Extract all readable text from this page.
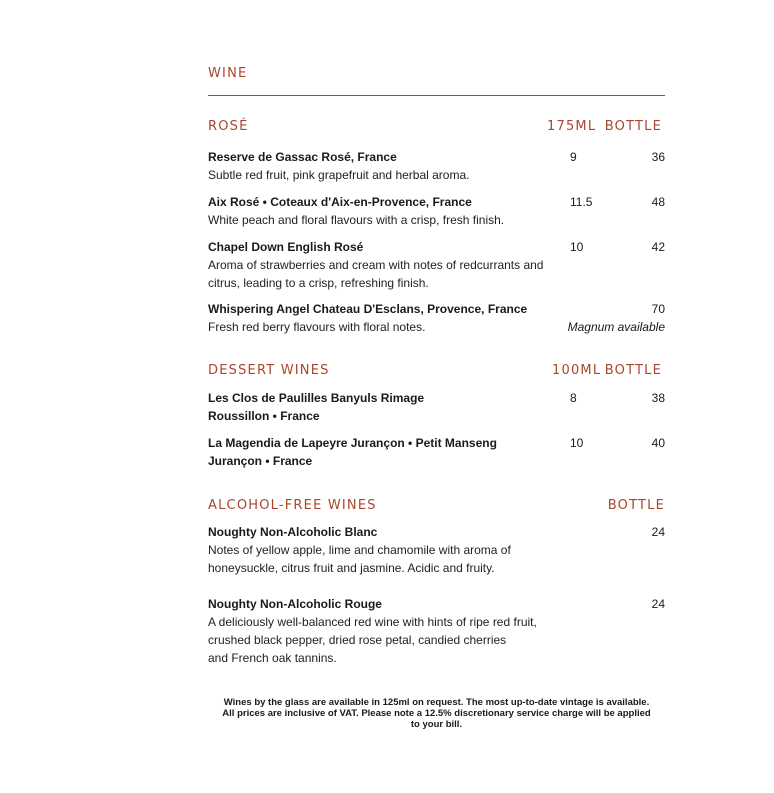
WINE
ROSÉ	175ML BOTTLE
Reserve de Gassac Rosé, France
Subtle red fruit, pink grapefruit and herbal aroma.
9	36
Aix Rosé • Coteaux d'Aix-en-Provence, France
White peach and floral flavours with a crisp, fresh finish.
11.5	48
Chapel Down English Rosé
Aroma of strawberries and cream with notes of redcurrants and
citrus, leading to a crisp, refreshing finish.
10	42
Whispering Angel Chateau D'Esclans, Provence, France
Fresh red berry flavours with floral notes.
70
Magnum available
DESSERT WINES	100ML BOTTLE
Les Clos de Paulilles Banyuls Rimage
Roussillon • France
8	38
La Magendia de Lapeyre Jurançon • Petit Manseng
Jurançon • France
10	40
ALCOHOL-FREE WINES	BOTTLE
Noughty Non-Alcoholic Blanc
Notes of yellow apple, lime and chamomile with aroma of
honeysuckle, citrus fruit and jasmine. Acidic and fruity.
24
Noughty Non-Alcoholic Rouge
A deliciously well-balanced red wine with hints of ripe red fruit,
crushed black pepper, dried rose petal, candied cherries
and French oak tannins.
24
Wines by the glass are available in 125ml on request. The most up-to-date vintage is available.
All prices are inclusive of VAT. Please note a 12.5% discretionary service charge will be applied
to your bill.
